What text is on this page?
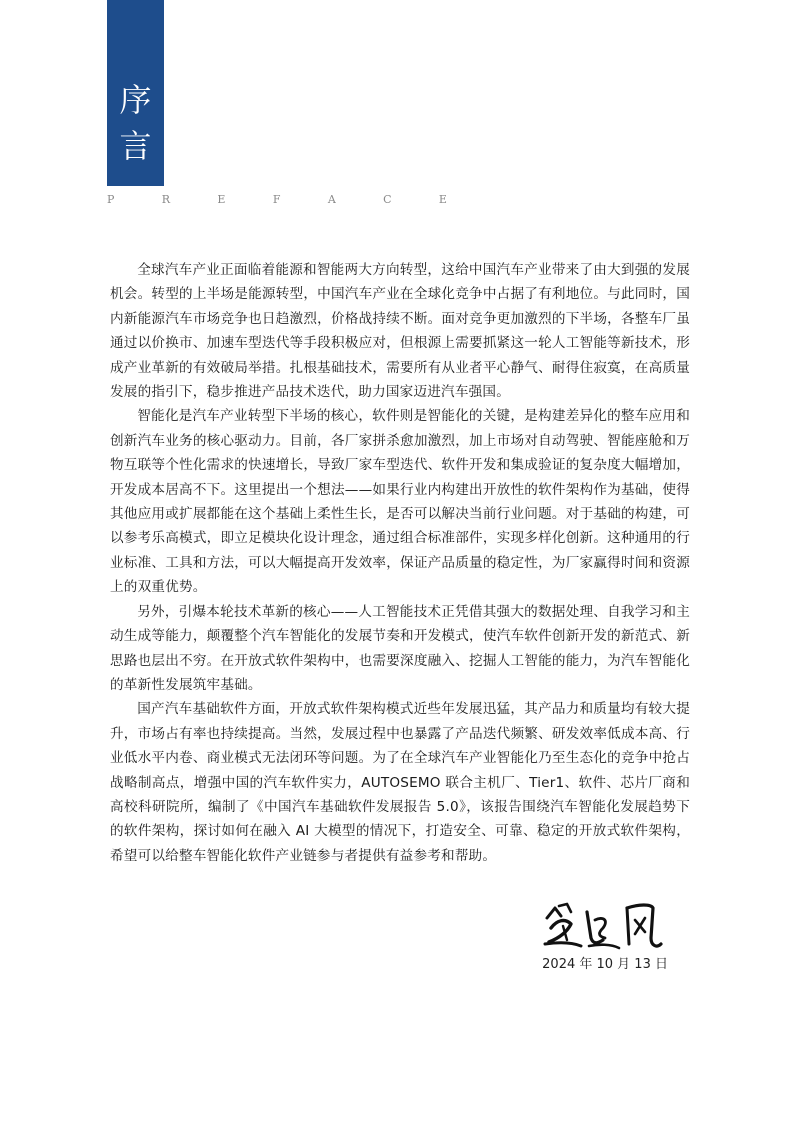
序
言
P	R	E	F	A	C	E

全球汽车产业正面临着能源和智能两大方向转型，这给中国汽车产业带来了由大到强的发展机会。转型的上半场是能源转型，中国汽车产业在全球化竞争中占据了有利地位。与此同时，国内新能源汽车市场竞争也日趋激烈，价格战持续不断。面对竞争更加激烈的下半场，各整车厂虽通过以价换市、加速车型迭代等手段积极应对，但根源上需要抓紧这一轮人工智能等新技术，形成产业革新的有效破局举措。扎根基础技术，需要所有从业者平心静气、耐得住寂寞，在高质量发展的指引下，稳步推进产品技术迭代，助力国家迈进汽车强国。

智能化是汽车产业转型下半场的核心，软件则是智能化的关键，是构建差异化的整车应用和创新汽车业务的核心驱动力。目前，各厂家拼杀愈加激烈，加上市场对自动驾驶、智能座舱和万物互联等个性化需求的快速增长，导致厂家车型迭代、软件开发和集成验证的复杂度大幅增加，开发成本居高不下。这里提出一个想法——如果行业内构建出开放性的软件架构作为基础，使得其他应用或扩展都能在这个基础上柔性生长，是否可以解决当前行业问题。对于基础的构建，可以参考乐高模式，即立足模块化设计理念，通过组合标准部件，实现多样化创新。这种通用的行业标准、工具和方法，可以大幅提高开发效率，保证产品质量的稳定性，为厂家赢得时间和资源上的双重优势。

另外，引爆本轮技术革新的核心——人工智能技术正凭借其强大的数据处理、自我学习和主动生成等能力，颠覆整个汽车智能化的发展节奏和开发模式，使汽车软件创新开发的新范式、新思路也层出不穷。在开放式软件架构中，也需要深度融入、挖掘人工智能的能力，为汽车智能化的革新性发展筑牢基础。

国产汽车基础软件方面，开放式软件架构模式近些年发展迅猛，其产品力和质量均有较大提升，市场占有率也持续提高。当然，发展过程中也暴露了产品迭代频繁、研发效率低成本高、行业低水平内卷、商业模式无法闭环等问题。为了在全球汽车产业智能化乃至生态化的竞争中抢占战略制高点，增强中国的汽车软件实力，AUTOSEMO 联合主机厂、Tier1、软件、芯片厂商和高校科研院所，编制了《中国汽车基础软件发展报告 5.0》，该报告围绕汽车智能化发展趋势下的软件架构，探讨如何在融入 AI 大模型的情况下，打造安全、可靠、稳定的开放式软件架构，希望可以给整车智能化软件产业链参与者提供有益参考和帮助。

2024 年 10 月 13 日
